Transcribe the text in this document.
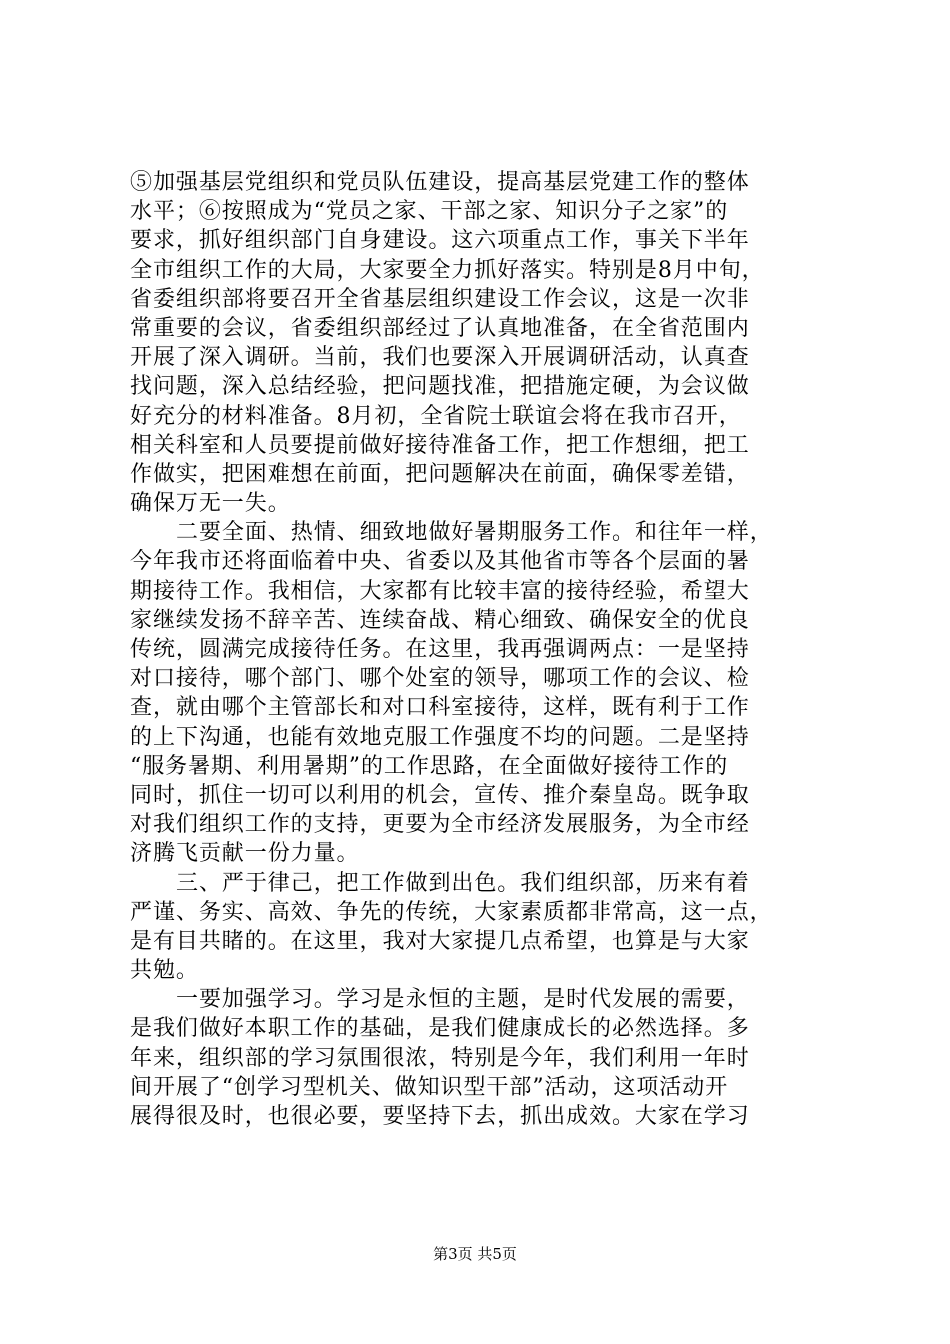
⑤加强基层党组织和党员队伍建设，提高基层党建工作的整体
水平；⑥按照成为“党员之家、干部之家、知识分子之家”的
要求，抓好组织部门自身建设。这六项重点工作，事关下半年
全市组织工作的大局，大家要全力抓好落实。特别是8月中旬，
省委组织部将要召开全省基层组织建设工作会议，这是一次非
常重要的会议，省委组织部经过了认真地准备，在全省范围内
开展了深入调研。当前，我们也要深入开展调研活动，认真查
找问题，深入总结经验，把问题找准，把措施定硬，为会议做
好充分的材料准备。8月初，全省院士联谊会将在我市召开，
相关科室和人员要提前做好接待准备工作，把工作想细，把工
作做实，把困难想在前面，把问题解决在前面，确保零差错，
确保万无一失。
二要全面、热情、细致地做好暑期服务工作。和往年一样，
今年我市还将面临着中央、省委以及其他省市等各个层面的暑
期接待工作。我相信，大家都有比较丰富的接待经验，希望大
家继续发扬不辞辛苦、连续奋战、精心细致、确保安全的优良
传统，圆满完成接待任务。在这里，我再强调两点：一是坚持
对口接待，哪个部门、哪个处室的领导，哪项工作的会议、检
查，就由哪个主管部长和对口科室接待，这样，既有利于工作
的上下沟通，也能有效地克服工作强度不均的问题。二是坚持
“服务暑期、利用暑期”的工作思路，在全面做好接待工作的
同时，抓住一切可以利用的机会，宣传、推介秦皇岛。既争取
对我们组织工作的支持，更要为全市经济发展服务，为全市经
济腾飞贡献一份力量。
三、严于律己，把工作做到出色。我们组织部，历来有着
严谨、务实、高效、争先的传统，大家素质都非常高，这一点，
是有目共睹的。在这里，我对大家提几点希望，也算是与大家
共勉。
一要加强学习。学习是永恒的主题，是时代发展的需要，
是我们做好本职工作的基础，是我们健康成长的必然选择。多
年来，组织部的学习氛围很浓，特别是今年，我们利用一年时
间开展了“创学习型机关、做知识型干部”活动，这项活动开
展得很及时，也很必要，要坚持下去，抓出成效。大家在学习
第3页 共5页
